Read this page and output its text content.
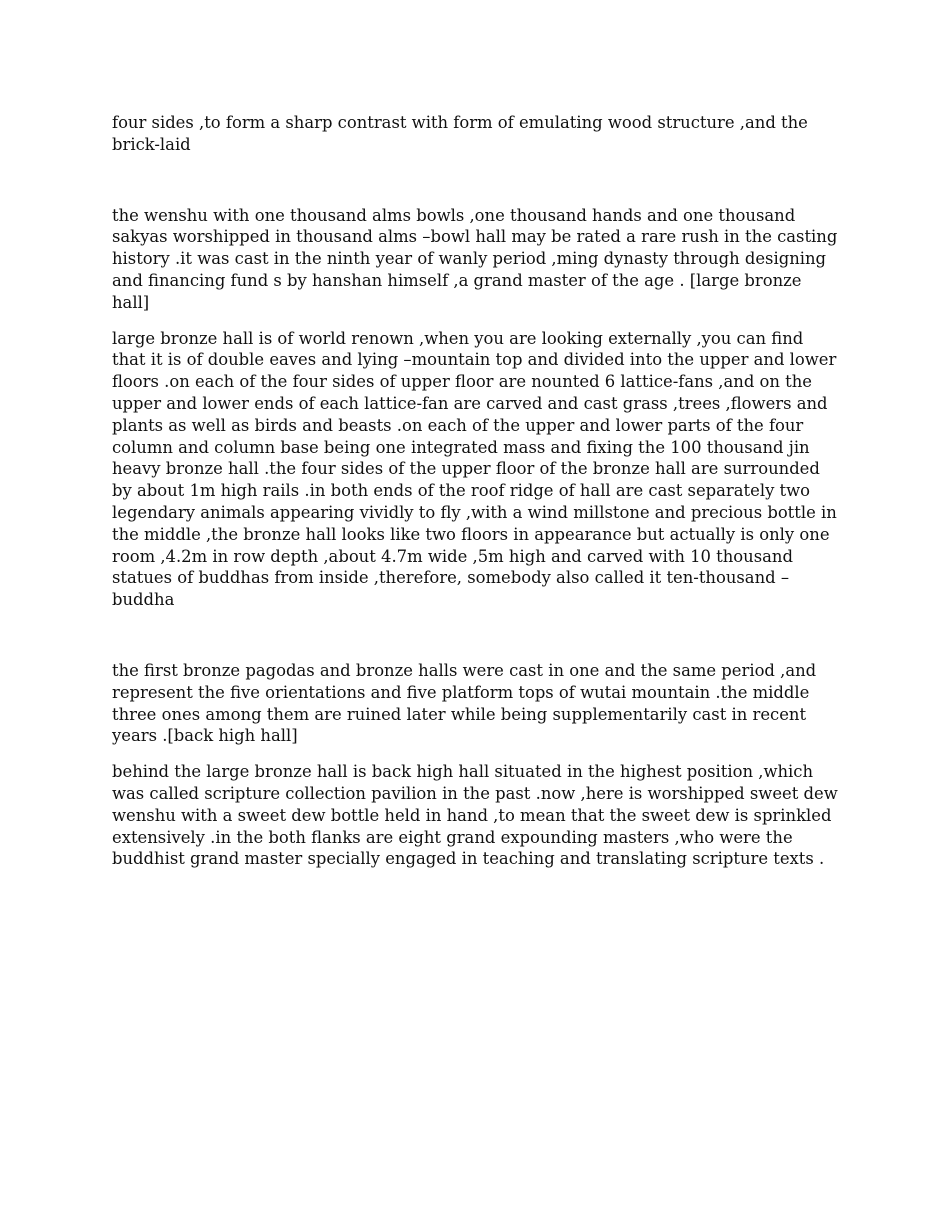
four sides ,to form a sharp contrast with form of emulating wood structure ,and the brick-laid

the wenshu with one thousand alms bowls ,one thousand hands and one thousand sakyas worshipped in thousand alms –bowl hall may be rated a rare rush in the casting history .it was cast in the ninth year of wanly period ,ming dynasty through designing and financing fund s by hanshan himself ,a grand master of the age . [large bronze hall]

large bronze hall is of world renown ,when you are looking externally ,you can find that it is of double eaves and lying –mountain top and divided into the upper and lower floors .on each of the four sides of upper floor are nounted 6 lattice-fans ,and on the upper and lower ends of each lattice-fan are carved and cast grass ,trees ,flowers and plants as well as birds and beasts .on each of the upper and lower parts of the four column and column base being one integrated mass and fixing the 100 thousand jin heavy bronze hall .the four sides of the upper floor of the bronze hall are surrounded by about 1m high rails .in both ends of the roof ridge of hall are cast separately two legendary animals appearing vividly to fly ,with a wind millstone and precious bottle in the middle ,the bronze hall looks like two floors in appearance but actually is only one room ,4.2m in row depth ,about 4.7m wide ,5m high and carved with 10 thousand statues of buddhas from inside ,therefore, somebody also called it ten-thousand –buddha

the first bronze pagodas and bronze halls were cast in one and the same period ,and represent the five orientations and five platform tops of wutai mountain .the middle three ones among them are ruined later while being supplementarily cast in recent years .[back high hall]

behind the large bronze hall is back high hall situated in the highest position ,which was called scripture collection pavilion in the past .now ,here is worshipped sweet dew wenshu with a sweet dew bottle held in hand ,to mean that the sweet dew is sprinkled extensively .in the both flanks are eight grand expounding masters ,who were the buddhist grand master specially engaged in teaching and translating scripture texts .
